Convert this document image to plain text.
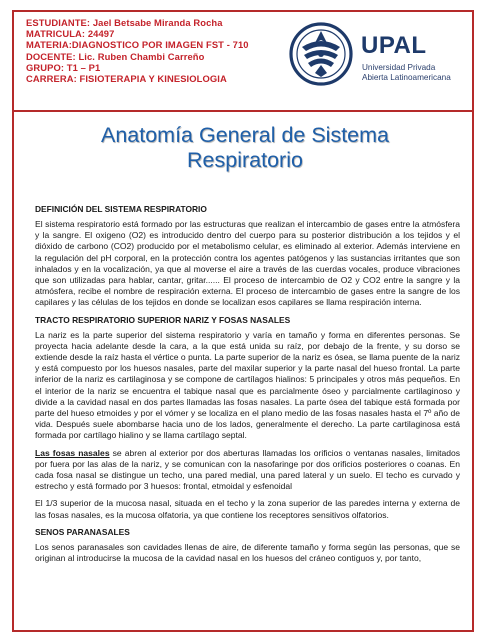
ESTUDIANTE: Jael Betsabe Miranda Rocha
MATRICULA: 24497
MATERIA:DIAGNOSTICO POR IMAGEN FST - 710
DOCENTE: Lic. Ruben Chambi Carreño
GRUPO: T1 – P1
CARRERA: FISIOTERAPIA Y KINESIOLOGIA
UPAL
Universidad Privada
Abierta Latinoamericana
Anatomía General de Sistema
Respiratorio
DEFINICIÓN DEL SISTEMA RESPIRATORIO

El sistema respiratorio está formado por las estructuras que realizan el intercambio de gases entre la atmósfera y la sangre. El oxigeno (O2) es introducido dentro del cuerpo para su posterior distribución a los tejidos y el dióxido de carbono (CO2) producido por el metabolismo celular, es eliminado al exterior. Además interviene en la regulación del pH corporal, en la protección contra los agentes patógenos y las sustancias irritantes que son inhalados y en la vocalización, ya que al moverse el aire a través de las cuerdas vocales, produce vibraciones que son utilizadas para hablar, cantar, gritar...... El proceso de intercambio de O2 y CO2 entre la sangre y la atmósfera, recibe el nombre de respiración externa. El proceso de intercambio de gases entre la sangre de los capilares y las células de los tejidos en donde se localizan esos capilares se llama respiración interna.

TRACTO RESPIRATORIO SUPERIOR NARIZ Y FOSAS NASALES

La nariz es la parte superior del sistema respiratorio y varía en tamaño y forma en diferentes personas. Se proyecta hacia adelante desde la cara, a la que está unida su raíz, por debajo de la frente, y su dorso se extiende desde la raíz hasta el vértice o punta. La parte superior de la nariz es ósea, se llama puente de la nariz y está compuesto por los huesos nasales, parte del maxilar superior y la parte nasal del hueso frontal. La parte inferior de la nariz es cartilaginosa y se compone de cartílagos hialinos: 5 principales y otros más pequeños. En el interior de la nariz se encuentra el tabique nasal que es parcialmente óseo y parcialmente cartilaginoso y divide a la cavidad nasal en dos partes llamadas las fosas nasales. La parte ósea del tabique está formada por parte del hueso etmoides y por el vómer y se localiza en el plano medio de las fosas nasales hasta el 7º año de vida. Después suele abombarse hacia uno de los lados, generalmente el derecho. La parte cartilaginosa está formada por cartílago hialino y se llama cartílago septal.

Las fosas nasales se abren al exterior por dos aberturas llamadas los orificios o ventanas nasales, limitados por fuera por las alas de la nariz, y se comunican con la nasofaringe por dos orificios posteriores o coanas. En cada fosa nasal se distingue un techo, una pared medial, una pared lateral y un suelo. El techo es curvado y estrecho y está formado por 3 huesos: frontal, etmoidal y esfenoidal

El 1/3 superior de la mucosa nasal, situada en el techo y la zona superior de las paredes interna y externa de las fosas nasales, es la mucosa olfatoria, ya que contiene los receptores sensitivos olfatorios.

SENOS PARANASALES

Los senos paranasales son cavidades llenas de aire, de diferente tamaño y forma según las personas, que se originan al introducirse la mucosa de la cavidad nasal en los huesos del cráneo contiguos y, por tanto,
